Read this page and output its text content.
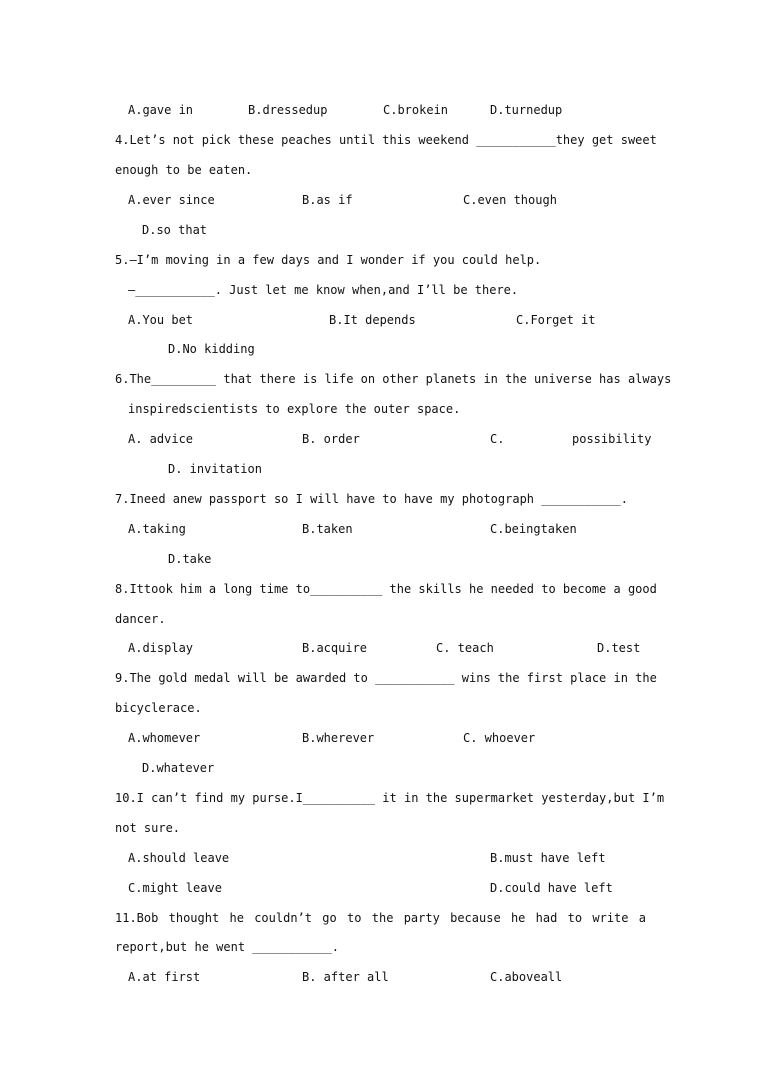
A.gave in	B.dressedup	C.brokein	D.turnedup
4.Let’s not pick these peaches until this weekend ___________they get sweet
enough to be eaten.
A.ever since	B.as if	C.even though
D.so that
5.—I’m moving in a few days and I wonder if you could help.
—___________. Just let me know when,and I’ll be there.
A.You bet	B.It depends	C.Forget it
D.No kidding
6.The_________ that there is life on other planets in the universe has always
inspiredscientists to explore the outer space.
A. advice	B. order	C.	possibility
D. invitation
7.Ineed anew passport so I will have to have my photograph ___________.
A.taking	B.taken	C.beingtaken
D.take
8.Ittook him a long time to__________ the skills he needed to become a good
dancer.
A.display	B.acquire	C. teach	D.test
9.The gold medal will be awarded to ___________ wins the first place in the
bicyclerace.
A.whomever	B.wherever	C. whoever
D.whatever
10.I can’t find my purse.I__________ it in the supermarket yesterday,but I’m
not sure.
A.should leave	B.must have left
C.might leave	D.could have left
11.Bob thought he couldn’t go to the party because he had to write a
report,but he went ___________.
A.at first	B. after all	C.aboveall
